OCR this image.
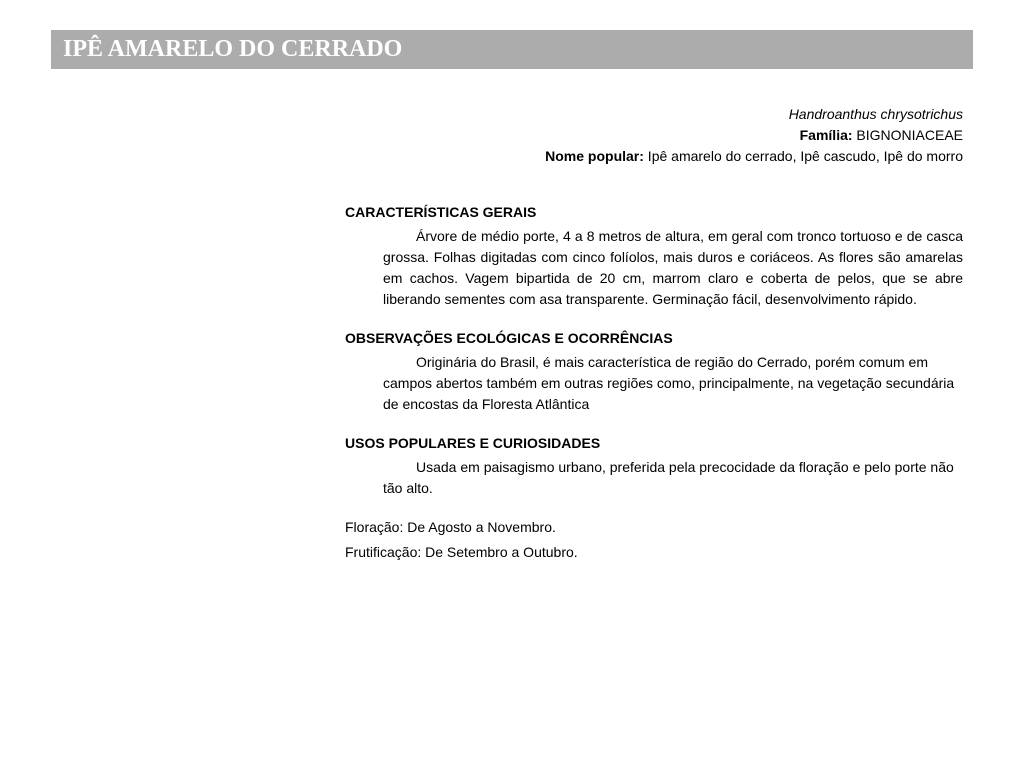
IPÊ AMARELO DO CERRADO
Handroanthus chrysotrichus
Família: BIGNONIACEAE
Nome popular: Ipê amarelo do cerrado, Ipê cascudo, Ipê do morro

CARACTERÍSTICAS GERAIS

Árvore de médio porte, 4 a 8 metros de altura, em geral com tronco tortuoso e de casca grossa. Folhas digitadas com cinco folíolos, mais duros e coriáceos. As flores são amarelas em cachos. Vagem bipartida de 20 cm, marrom claro e coberta de pelos, que se abre liberando sementes com asa transparente. Germinação fácil, desenvolvimento rápido.

OBSERVAÇÕES ECOLÓGICAS E OCORRÊNCIAS

Originária do Brasil, é mais característica de região do Cerrado, porém comum em campos abertos também em outras regiões como, principalmente, na vegetação secundária de encostas da Floresta Atlântica

USOS POPULARES E CURIOSIDADES

Usada em paisagismo urbano, preferida pela precocidade da floração e pelo porte não tão alto.

Floração: De Agosto a Novembro.

Frutificação: De Setembro a Outubro.
